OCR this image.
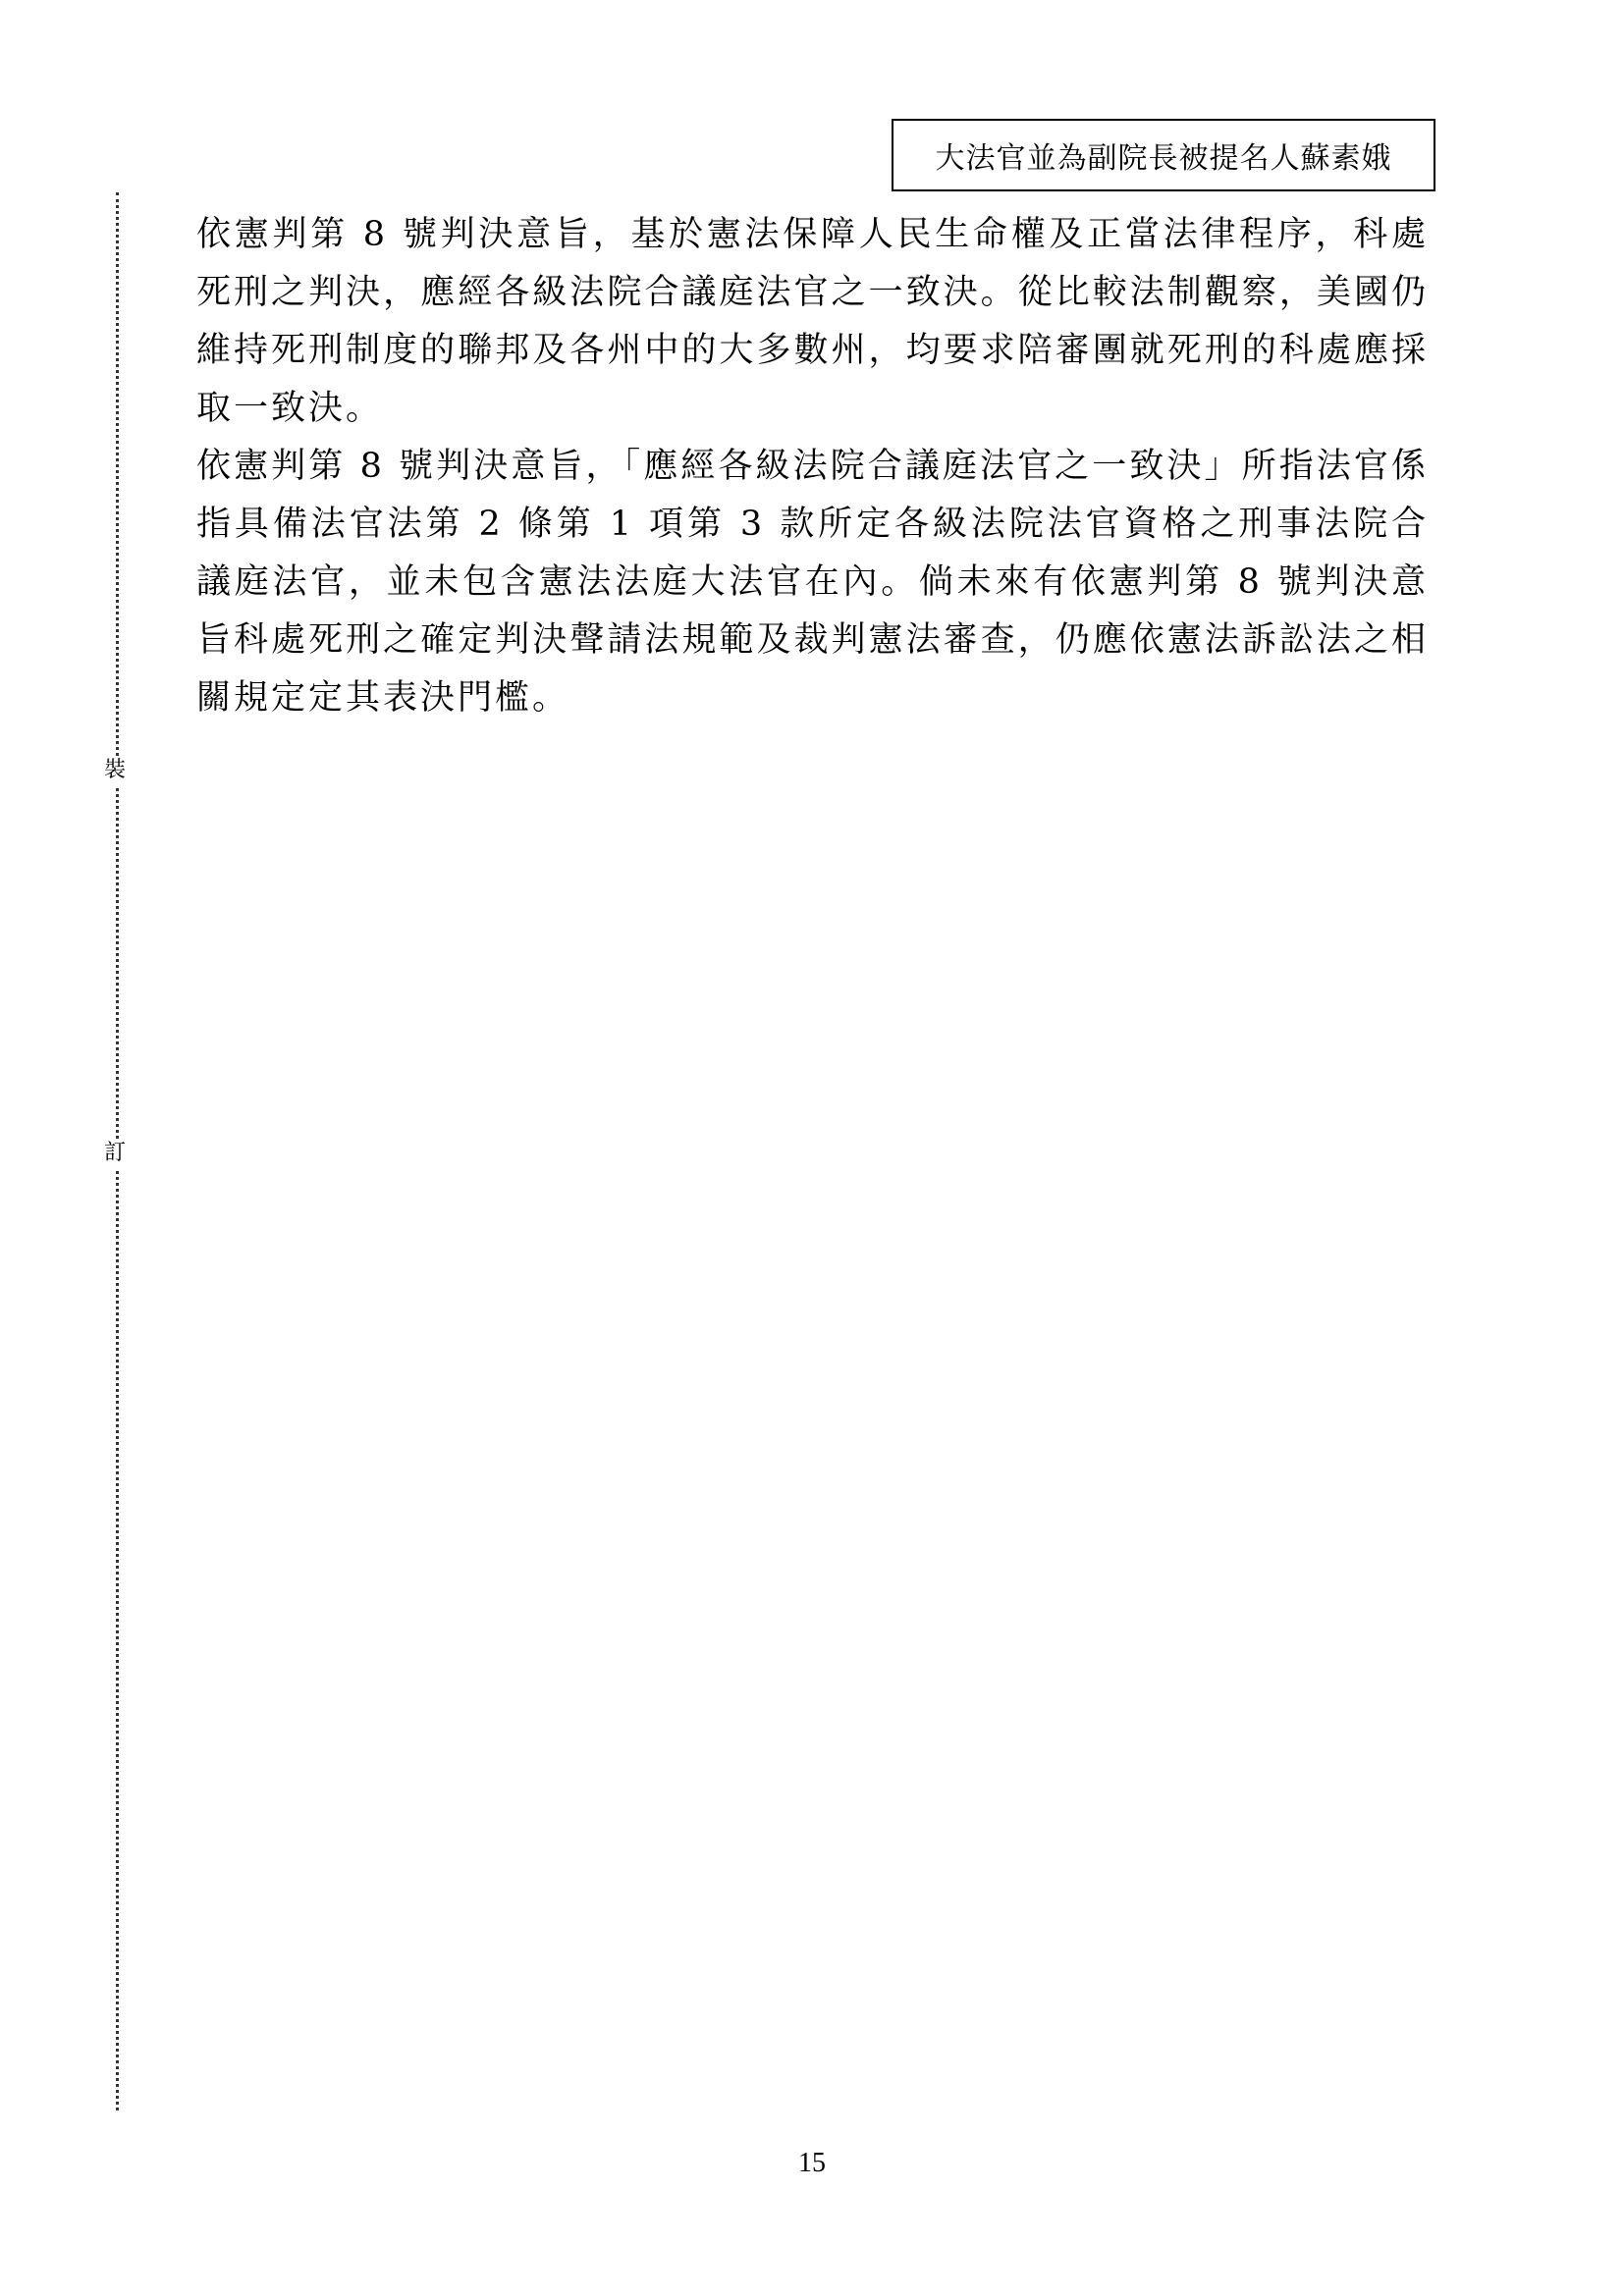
大法官並為副院長被提名人蘇素娥
裝
訂

依憲判第 8 號判決意旨，基於憲法保障人民生命權及正當法律程序，科處死刑之判決，應經各級法院合議庭法官之一致決。從比較法制觀察，美國仍維持死刑制度的聯邦及各州中的大多數州，均要求陪審團就死刑的科處應採取一致決。

依憲判第 8 號判決意旨，「應經各級法院合議庭法官之一致決」所指法官係指具備法官法第 2 條第 1 項第 3 款所定各級法院法官資格之刑事法院合議庭法官，並未包含憲法法庭大法官在內。倘未來有依憲判第 8 號判決意旨科處死刑之確定判決聲請法規範及裁判憲法審查，仍應依憲法訴訟法之相關規定定其表決門檻。

15
